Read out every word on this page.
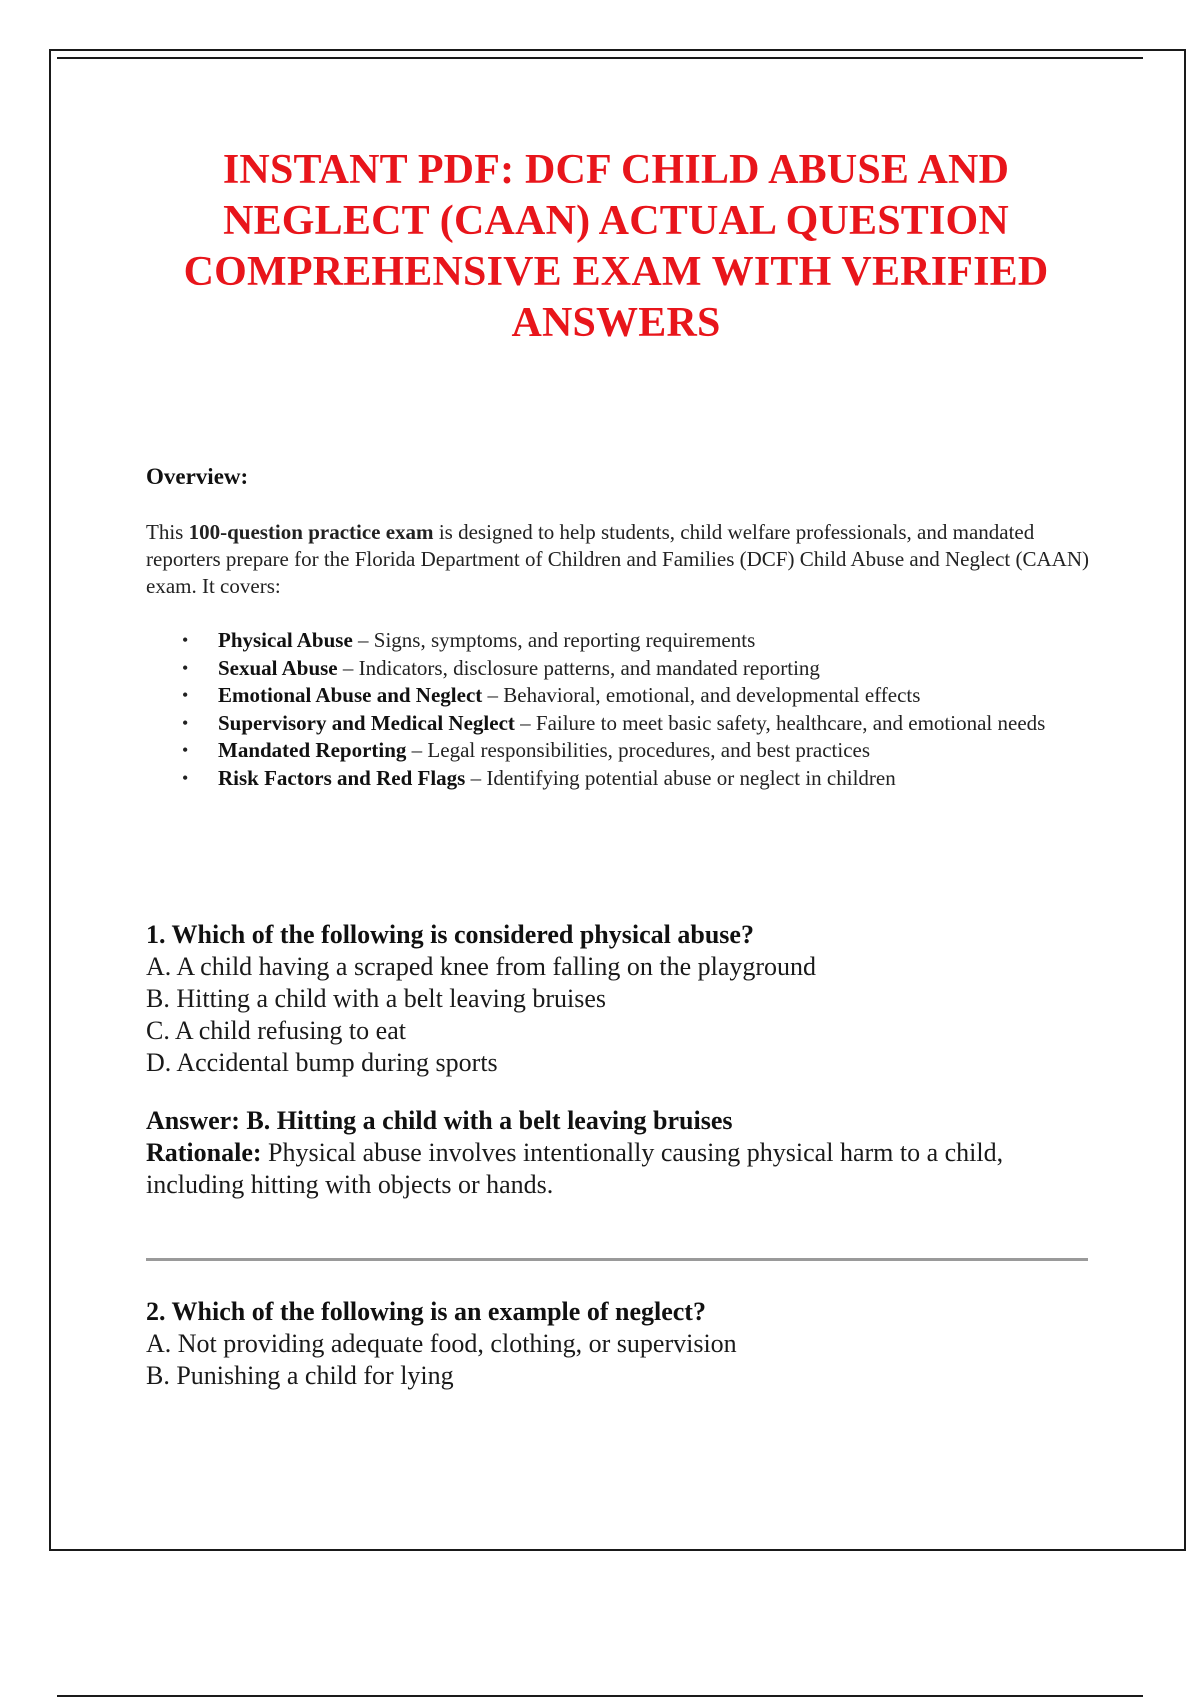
INSTANT PDF: DCF CHILD ABUSE AND NEGLECT (CAAN) ACTUAL QUESTION COMPREHENSIVE EXAM WITH VERIFIED ANSWERS

Overview:

This 100-question practice exam is designed to help students, child welfare professionals, and mandated reporters prepare for the Florida Department of Children and Families (DCF) Child Abuse and Neglect (CAAN) exam. It covers:

• Physical Abuse – Signs, symptoms, and reporting requirements
• Sexual Abuse – Indicators, disclosure patterns, and mandated reporting
• Emotional Abuse and Neglect – Behavioral, emotional, and developmental effects
• Supervisory and Medical Neglect – Failure to meet basic safety, healthcare, and emotional needs
• Mandated Reporting – Legal responsibilities, procedures, and best practices
• Risk Factors and Red Flags – Identifying potential abuse or neglect in children

1. Which of the following is considered physical abuse?

A. A child having a scraped knee from falling on the playground

B. Hitting a child with a belt leaving bruises

C. A child refusing to eat

D. Accidental bump during sports

Answer: B. Hitting a child with a belt leaving bruises

Rationale: Physical abuse involves intentionally causing physical harm to a child, including hitting with objects or hands.

2. Which of the following is an example of neglect?

A. Not providing adequate food, clothing, or supervision

B. Punishing a child for lying
